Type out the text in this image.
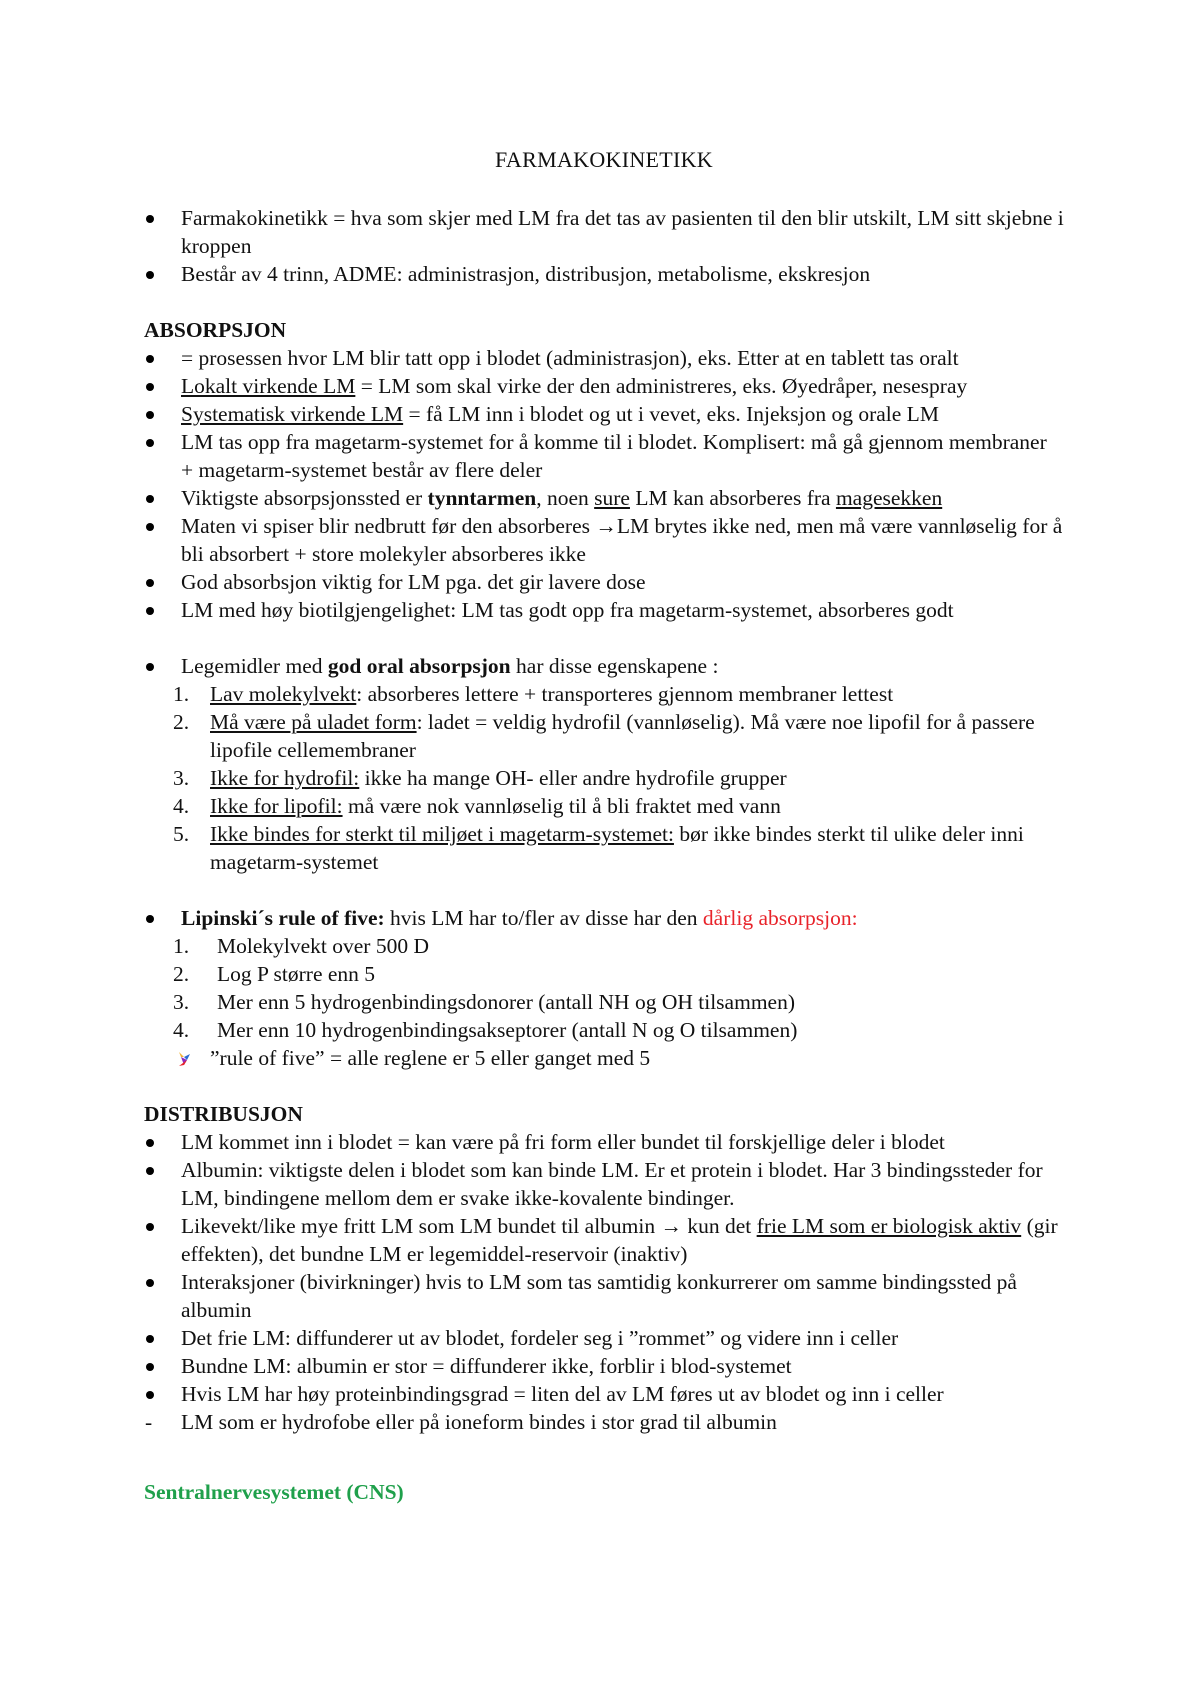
FARMAKOKINETIKK
Farmakokinetikk = hva som skjer med LM fra det tas av pasienten til den blir utskilt, LM sitt skjebne i kroppen
Består av 4 trinn, ADME: administrasjon, distribusjon, metabolisme, ekskresjon
ABSORPSJON
= prosessen hvor LM blir tatt opp i blodet (administrasjon), eks. Etter at en tablett tas oralt
Lokalt virkende LM = LM som skal virke der den administreres, eks. Øyedråper, nesespray
Systematisk virkende LM = få LM inn i blodet og ut i vevet, eks. Injeksjon og orale LM
LM tas opp fra magetarm-systemet for å komme til i blodet. Komplisert: må gå gjennom membraner + magetarm-systemet består av flere deler
Viktigste absorpsjonssted er tynntarmen, noen sure LM kan absorberes fra magesekken
Maten vi spiser blir nedbrutt før den absorberes →LM brytes ikke ned, men må være vannløselig for å bli absorbert + store molekyler absorberes ikke
God absorbsjon viktig for LM pga. det gir lavere dose
LM med høy biotilgjengelighet: LM tas godt opp fra magetarm-systemet, absorberes godt
Legemidler med god oral absorpsjon har disse egenskapene :
1. Lav molekylvekt: absorberes lettere + transporteres gjennom membraner lettest
2. Må være på uladet form: ladet = veldig hydrofil (vannløselig). Må være noe lipofil for å passere lipofile cellemembraner
3. Ikke for hydrofil: ikke ha mange OH- eller andre hydrofile grupper
4. Ikke for lipofil: må være nok vannløselig til å bli fraktet med vann
5. Ikke bindes for sterkt til miljøet i magetarm-systemet: bør ikke bindes sterkt til ulike deler inni magetarm-systemet
Lipinski´s rule of five: hvis LM har to/fler av disse har den dårlig absorpsjon:
1. Molekylvekt over 500 D
2. Log P større enn 5
3. Mer enn 5 hydrogenbindingsdonorer (antall NH og OH tilsammen)
4. Mer enn 10 hydrogenbindingsakseptorer (antall N og O tilsammen)
”rule of five” = alle reglene er 5 eller ganget med 5
DISTRIBUSJON
LM kommet inn i blodet = kan være på fri form eller bundet til forskjellige deler i blodet
Albumin: viktigste delen i blodet som kan binde LM. Er et protein i blodet. Har 3 bindingssteder for LM, bindingene mellom dem er svake ikke-kovalente bindinger.
Likevekt/like mye fritt LM som LM bundet til albumin → kun det frie LM som er biologisk aktiv (gir effekten), det bundne LM er legemiddel-reservoir (inaktiv)
Interaksjoner (bivirkninger) hvis to LM som tas samtidig konkurrerer om samme bindingssted på albumin
Det frie LM: diffunderer ut av blodet, fordeler seg i ”rommet” og videre inn i celler
Bundne LM: albumin er stor = diffunderer ikke, forblir i blod-systemet
Hvis LM har høy proteinbindingsgrad = liten del av LM føres ut av blodet og inn i celler
- LM som er hydrofobe eller på ioneform bindes i stor grad til albumin
Sentralnervesystemet (CNS)
